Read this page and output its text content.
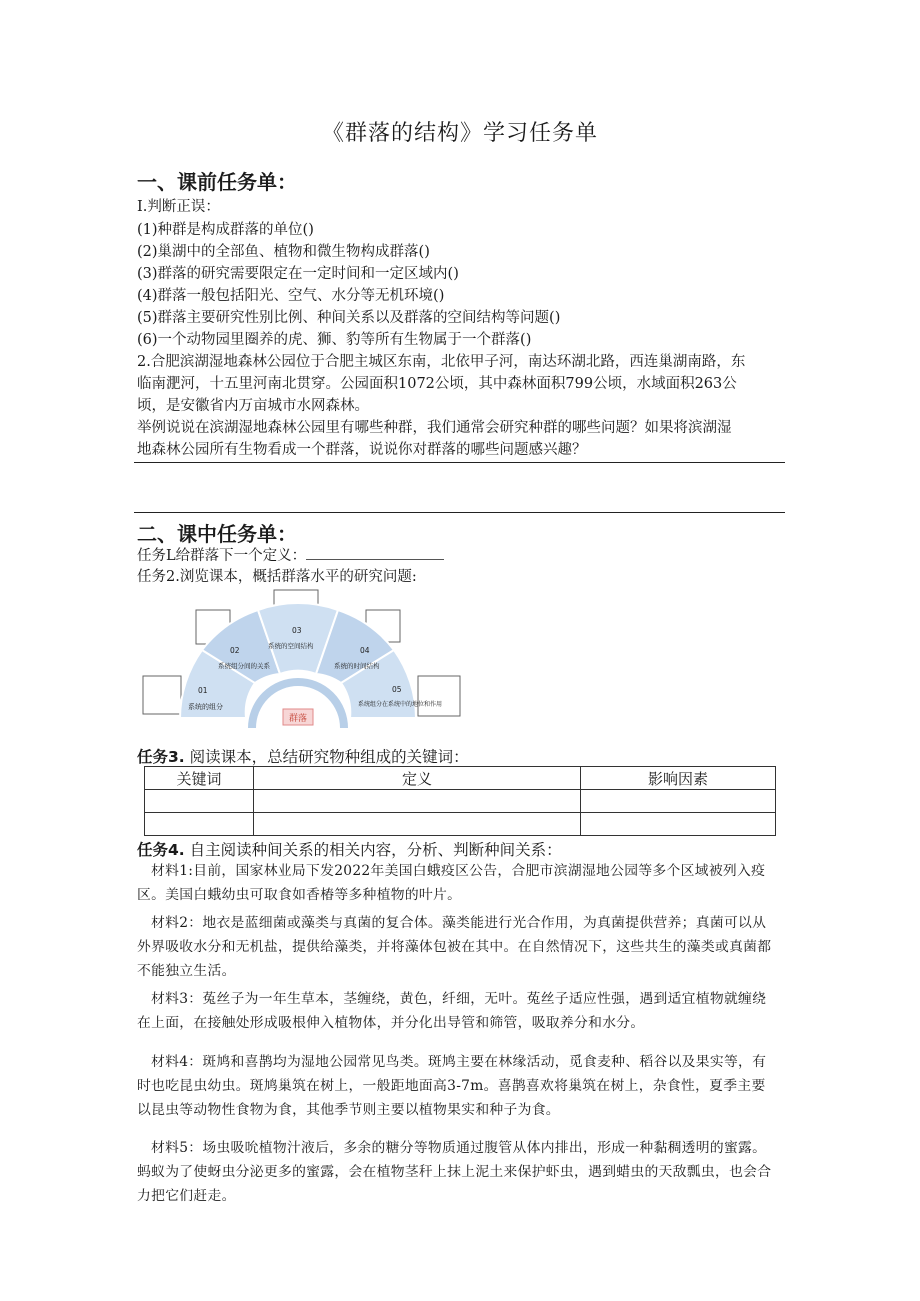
《群落的结构》学习任务单
一、课前任务单：
I.判断正误：
(1)种群是构成群落的单位()
(2)巢湖中的全部鱼、植物和微生物构成群落()
(3)群落的研究需要限定在一定时间和一定区域内()
(4)群落一般包括阳光、空气、水分等无机环境()
(5)群落主要研究性别比例、种间关系以及群落的空间结构等问题()
(6)一个动物园里圈养的虎、狮、豹等所有生物属于一个群落()
2.合肥滨湖湿地森林公园位于合肥主城区东南，北依甲子河，南达环湖北路，西连巢湖南路，东
临南淝河，十五里河南北贯穿。公园面积1072公顷，其中森林面积799公顷，水域面积263公
顷，是安徽省内万亩城市水网森林。
举例说说在滨湖湿地森林公园里有哪些种群，我们通常会研究种群的哪些问题？如果将滨湖湿
地森林公园所有生物看成一个群落，说说你对群落的哪些问题感兴趣？
二、课中任务单：
任务L给群落下一个定义：
任务2.浏览课本，概括群落水平的研究问题:
01
系统的组分
02
系统组分间的关系
03
系统的空间结构	04
系统的时间结构
05
系统组分在系统中的地位和作用
群落
任务3. 阅读课本，总结研究物种组成的关键词：
关键词	定义	影响因素

任务4. 自主阅读种间关系的相关内容，分析、判断种间关系：

材料1:目前，国家林业局下发2022年美国白蛾疫区公告，合肥市滨湖湿地公园等多个区域被列入疫区。美国白蛾幼虫可取食如香椿等多种植物的叶片。

材料2：地衣是蓝细菌或藻类与真菌的复合体。藻类能进行光合作用，为真菌提供营养；真菌可以从外界吸收水分和无机盐，提供给藻类，并将藻体包被在其中。在自然情况下，这些共生的藻类或真菌都不能独立生活。

材料3：菟丝子为一年生草本，茎缠绕，黄色，纤细，无叶。菟丝子适应性强，遇到适宜植物就缠绕在上面，在接触处形成吸根伸入植物体，并分化出导管和筛管，吸取养分和水分。

材料4：斑鸠和喜鹊均为湿地公园常见鸟类。斑鸠主要在林缘活动，觅食麦种、稻谷以及果实等，有时也吃昆虫幼虫。斑鸠巢筑在树上，一般距地面高3-7m。喜鹊喜欢将巢筑在树上，杂食性，夏季主要以昆虫等动物性食物为食，其他季节则主要以植物果实和种子为食。

材料5：场虫吸吮植物汁液后，多余的糖分等物质通过腹管从体内排出，形成一种黏稠透明的蜜露。蚂蚁为了使蚜虫分泌更多的蜜露，会在植物茎秆上抹上泥土来保护虾虫，遇到蜡虫的天敌瓢虫，也会合力把它们赶走。
